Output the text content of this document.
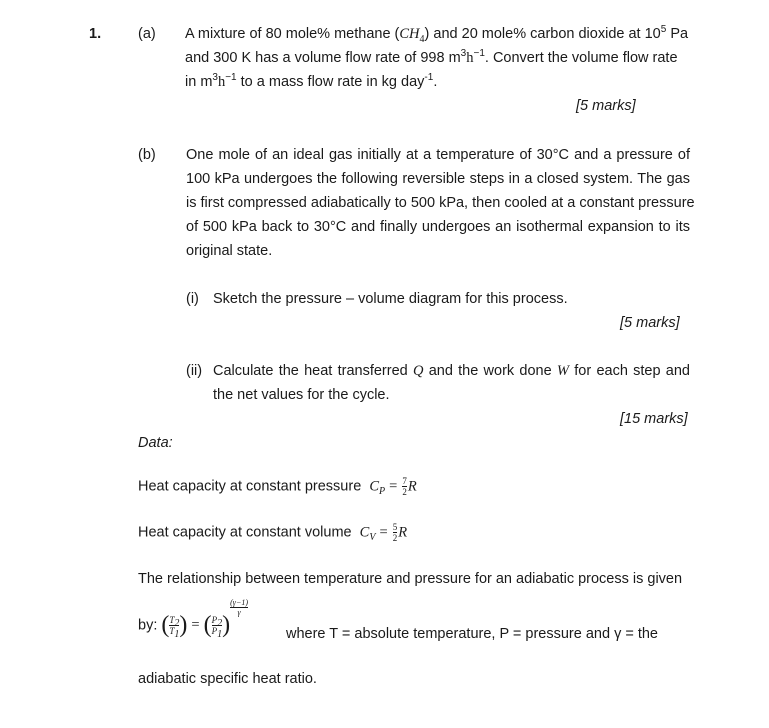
1.	(a) A mixture of 80 mole% methane $(CH_4)$ and 20 mole% carbon dioxide at $10^5$ Pa
and 300 K has a volume flow rate of 998 $m^3h^{-1}$. Convert the volume flow rate
in $m^3h^{-1}$ to a mass flow rate in kg day$^{-1}$.
[5 marks]
(b) One mole of an ideal gas initially at a temperature of 30°C and a pressure of
100 kPa undergoes the following reversible steps in a closed system. The gas
is first compressed adiabatically to 500 kPa, then cooled at a constant pressure
of 500 kPa back to 30°C and finally undergoes an isothermal expansion to its
original state.
(i) Sketch the pressure – volume diagram for this process.
[5 marks]
(ii) Calculate the heat transferred Q and the work done W for each step and
the net values for the cycle.
[15 marks]
Data:
Heat capacity at constant pressure $C_P = \frac{7}{2}$ R
Heat capacity at constant volume $C_V = \frac{5}{2}$ R
The relationship between temperature and pressure for an adiabatic process is given
by: ( $\frac{T_2}{T_1}$ ) = ( $\frac{P_2}{P_1}$ )
$\frac{(\gamma-1)}{\gamma}$
where T = absolute temperature, P = pressure and γ = the
adiabatic specific heat ratio.
